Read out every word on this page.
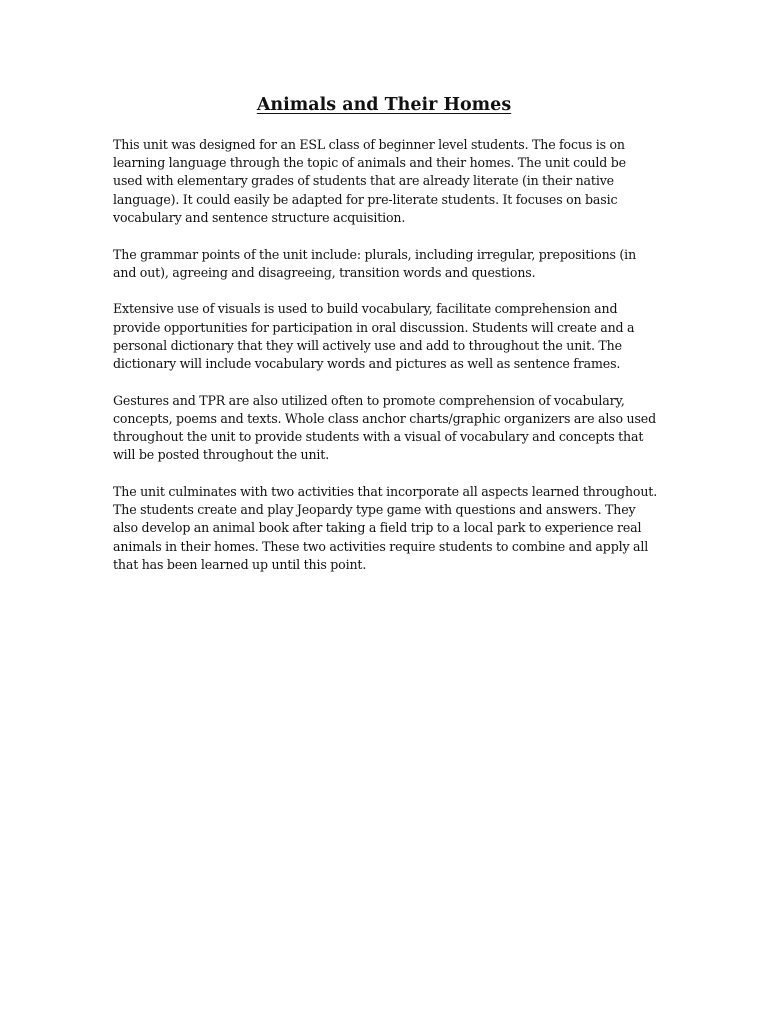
Animals and Their Homes

This unit was designed for an ESL class of beginner level students. The focus is on learning language through the topic of animals and their homes. The unit could be used with elementary grades of students that are already literate (in their native language). It could easily be adapted for pre-literate students. It focuses on basic vocabulary and sentence structure acquisition.

The grammar points of the unit include: plurals, including irregular, prepositions (in and out), agreeing and disagreeing, transition words and questions.

Extensive use of visuals is used to build vocabulary, facilitate comprehension and provide opportunities for participation in oral discussion. Students will create and a personal dictionary that they will actively use and add to throughout the unit. The dictionary will include vocabulary words and pictures as well as sentence frames.

Gestures and TPR are also utilized often to promote comprehension of vocabulary, concepts, poems and texts. Whole class anchor charts/graphic organizers are also used throughout the unit to provide students with a visual of vocabulary and concepts that will be posted throughout the unit.

The unit culminates with two activities that incorporate all aspects learned throughout. The students create and play Jeopardy type game with questions and answers. They also develop an animal book after taking a field trip to a local park to experience real animals in their homes. These two activities require students to combine and apply all that has been learned up until this point.
